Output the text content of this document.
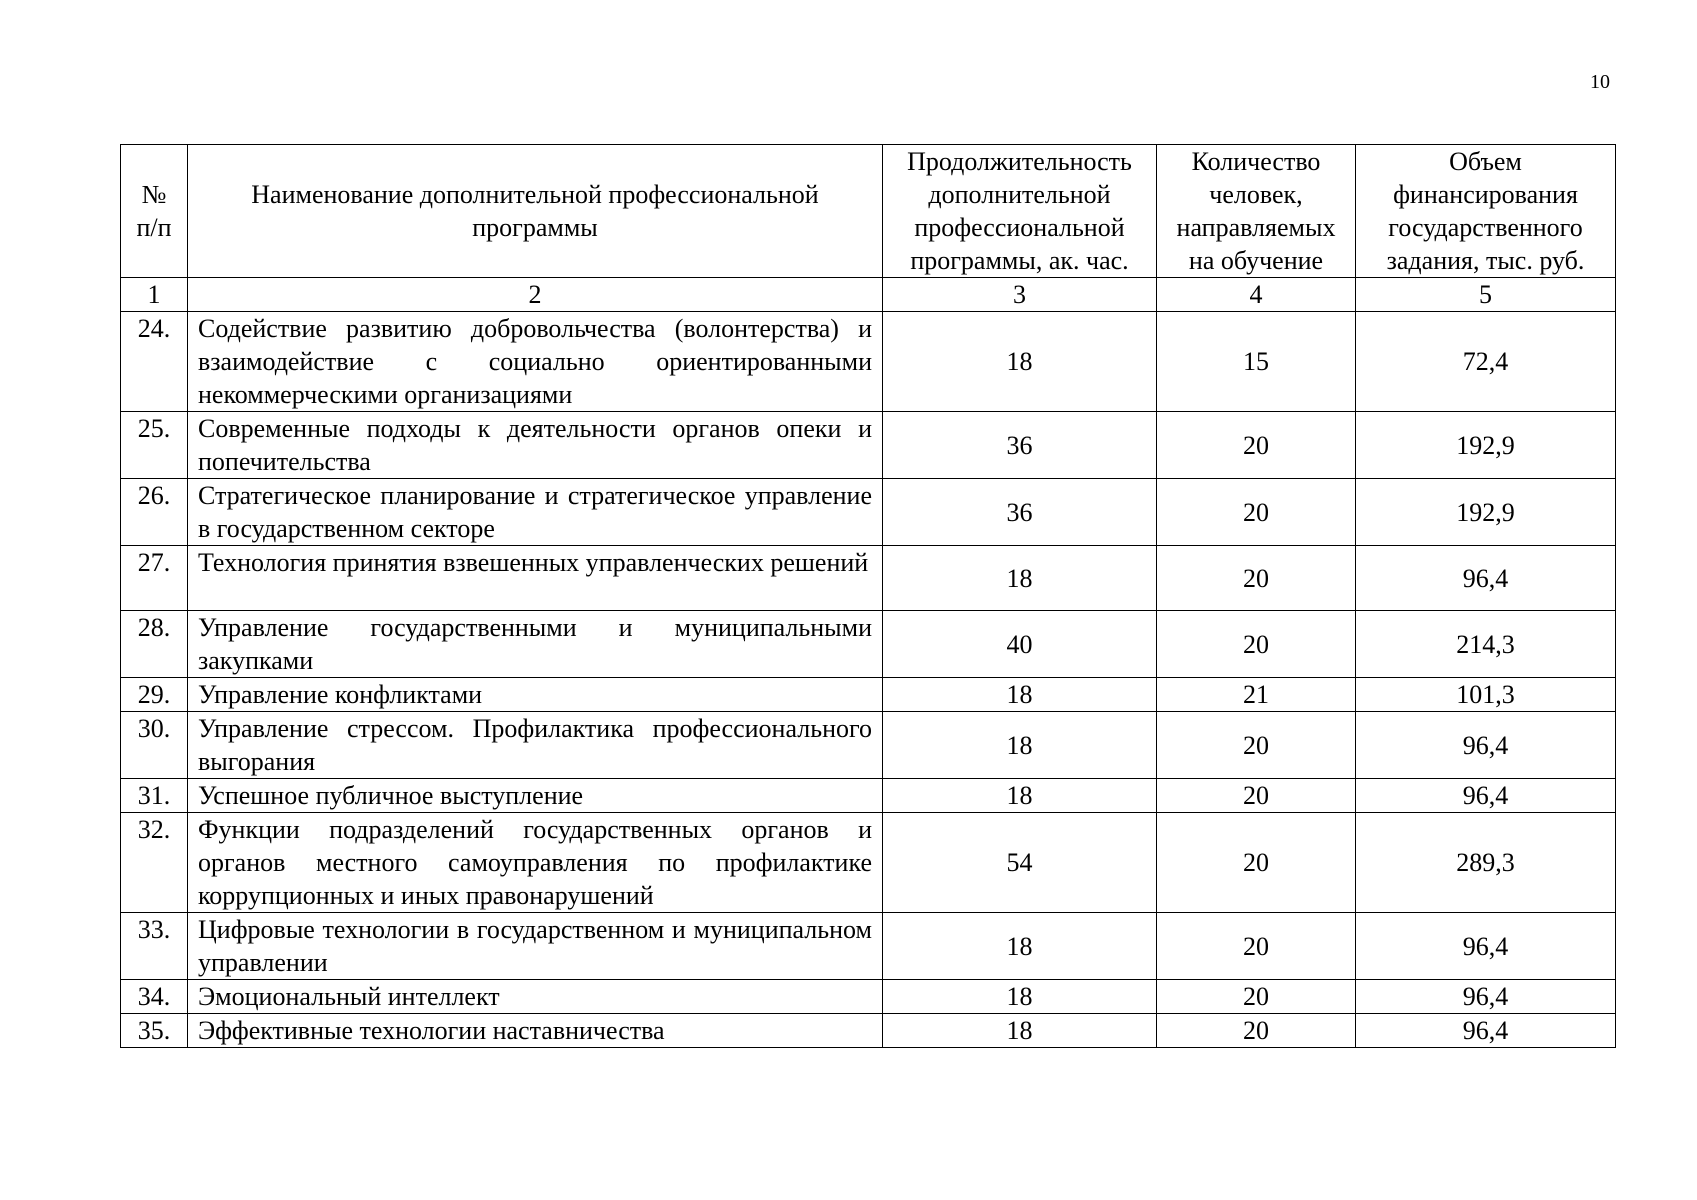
10
№ п/п	Наименование дополнительной профессиональной программы	Продолжительность дополнительной профессиональной программы, ак. час.	Количество человек, направляемых на обучение	Объем финансирования государственного задания, тыс. руб.
1	2	3	4	5
24.	Содействие развитию добровольчества (волонтерства) и взаимодействие с социально ориентированными некоммерческими организациями	18	15	72,4
25.	Современные подходы к деятельности органов опеки и попечительства	36	20	192,9
26.	Стратегическое планирование и стратегическое управление в государственном секторе	36	20	192,9
27.	Технология принятия взвешенных управленческих решений	18	20	96,4
28.	Управление государственными и муниципальными закупками	40	20	214,3
29.	Управление конфликтами	18	21	101,3
30.	Управление стрессом. Профилактика профессионального выгорания	18	20	96,4
31.	Успешное публичное выступление	18	20	96,4
32.	Функции подразделений государственных органов и органов местного самоуправления по профилактике коррупционных и иных правонарушений	54	20	289,3
33.	Цифровые технологии в государственном и муниципальном управлении	18	20	96,4
34.	Эмоциональный интеллект	18	20	96,4
35.	Эффективные технологии наставничества	18	20	96,4
